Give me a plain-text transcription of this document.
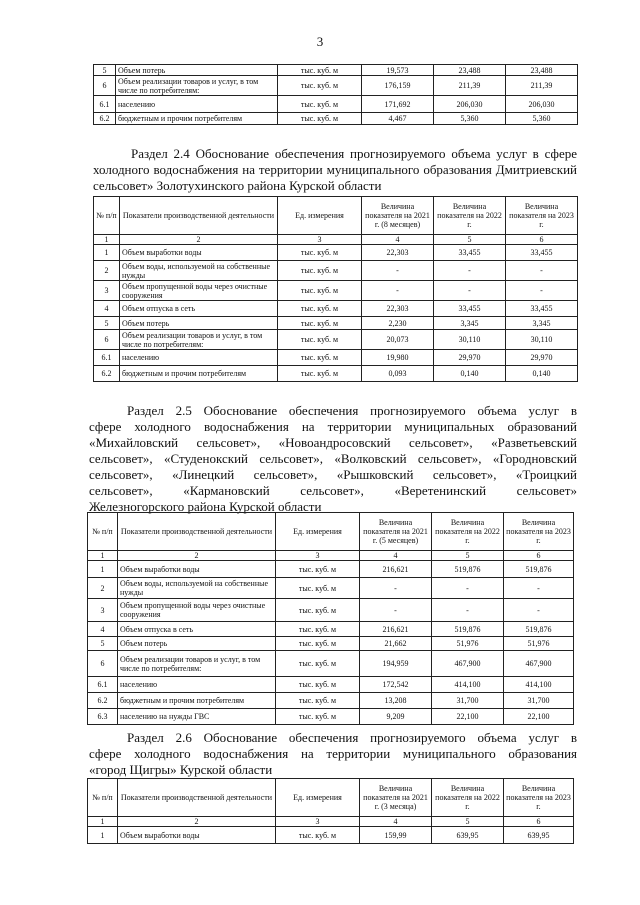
3
5	Объем потерь	тыс. куб. м	19,573	23,488	23,488
6	Объем реализации товаров и услуг, в том числе по потребителям:	тыс. куб. м	176,159	211,39	211,39
6.1	населению	тыс. куб. м	171,692	206,030	206,030
6.2	бюджетным и прочим потребителям	тыс. куб. м	4,467	5,360	5,360
Раздел 2.4 Обоснование обеспечения прогнозируемого объема услуг в сфере холодного водоснабжения на территории муниципального образования Дмитриевский сельсовет» Золотухинского района Курской области
№ п/п	Показатели производственной деятельности	Ед. измерения	Величина показателя на 2021 г. (8 месяцев)	Величина показателя на 2022 г.	Величина показателя на 2023 г.
1	2	3	4	5	6
1	Объем выработки воды	тыс. куб. м	22,303	33,455	33,455
2	Объем воды, используемой на собственные нужды	тыс. куб. м	-	-	-
3	Объем пропущенной воды через очистные сооружения	тыс. куб. м	-	-	-
4	Объем отпуска в сеть	тыс. куб. м	22,303	33,455	33,455
5	Объем потерь	тыс. куб. м	2,230	3,345	3,345
6	Объем реализации товаров и услуг, в том числе по потребителям:	тыс. куб. м	20,073	30,110	30,110
6.1	населению	тыс. куб. м	19,980	29,970	29,970
6.2	бюджетным и прочим потребителям	тыс. куб. м	0,093	0,140	0,140
Раздел 2.5 Обоснование обеспечения прогнозируемого объема услуг в
сфере холодного водоснабжения на территории муниципальных образований
«Михайловский сельсовет», «Новоандросовский сельсовет», «Разветьевский
сельсовет», «Студенокский сельсовет», «Волковский сельсовет», «Городновский
сельсовет», «Линецкий сельсовет», «Рышковский сельсовет», «Троицкий
сельсовет», «Кармановский сельсовет», «Веретенинский сельсовет»
Железногорского района Курской области
№ п/п	Показатели производственной деятельности	Ед. измерения	Величина показателя на 2021 г. (5 месяцев)	Величина показателя на 2022 г.	Величина показателя на 2023 г.
1	2	3	4	5	6
1	Объем выработки воды	тыс. куб. м	216,621	519,876	519,876
2	Объем воды, используемой на собственные нужды	тыс. куб. м	-	-	-
3	Объем пропущенной воды через очистные сооружения	тыс. куб. м	-	-	-
4	Объем отпуска в сеть	тыс. куб. м	216,621	519,876	519,876
5	Объем потерь	тыс. куб. м	21,662	51,976	51,976
6	Объем реализации товаров и услуг, в том числе по потребителям:	тыс. куб. м	194,959	467,900	467,900
6.1	населению	тыс. куб. м	172,542	414,100	414,100
6.2	бюджетным и прочим потребителям	тыс. куб. м	13,208	31,700	31,700
6.3	населению на нужды ГВС	тыс. куб. м	9,209	22,100	22,100
Раздел 2.6 Обоснование обеспечения прогнозируемого объема услуг в
сфере холодного водоснабжения на территории муниципального образования
«город Щигры» Курской области
№ п/п	Показатели производственной деятельности	Ед. измерения	Величина показателя на 2021 г. (3 месяца)	Величина показателя на 2022 г.	Величина показателя на 2023 г.
1	2	3	4	5	6
1	Объем выработки воды	тыс. куб. м	159,99	639,95	639,95
